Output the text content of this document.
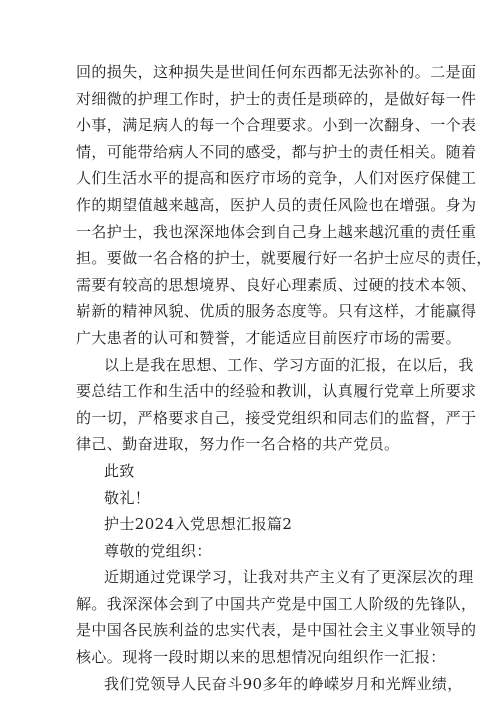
回的损失，这种损失是世间任何东西都无法弥补的。二是面
对细微的护理工作时，护士的责任是琐碎的，是做好每一件
小事，满足病人的每一个合理要求。小到一次翻身、一个表
情，可能带给病人不同的感受，都与护士的责任相关。随着
人们生活水平的提高和医疗市场的竞争，人们对医疗保健工
作的期望值越来越高，医护人员的责任风险也在增强。身为
一名护士，我也深深地体会到自己身上越来越沉重的责任重
担。要做一名合格的护士，就要履行好一名护士应尽的责任，
需要有较高的思想境界、良好心理素质、过硬的技术本领、
崭新的精神风貌、优质的服务态度等。只有这样，才能赢得
广大患者的认可和赞誉，才能适应目前医疗市场的需要。
以上是我在思想、工作、学习方面的汇报，在以后，我
要总结工作和生活中的经验和教训，认真履行党章上所要求
的一切，严格要求自己，接受党组织和同志们的监督，严于
律己、勤奋进取，努力作一名合格的共产党员。
此致
敬礼！
护士2024入党思想汇报篇2
尊敬的党组织：
近期通过党课学习，让我对共产主义有了更深层次的理
解。我深深体会到了中国共产党是中国工人阶级的先锋队，
是中国各民族利益的忠实代表，是中国社会主义事业领导的
核心。现将一段时期以来的思想情况向组织作一汇报：
我们党领导人民奋斗90多年的峥嵘岁月和光辉业绩，
